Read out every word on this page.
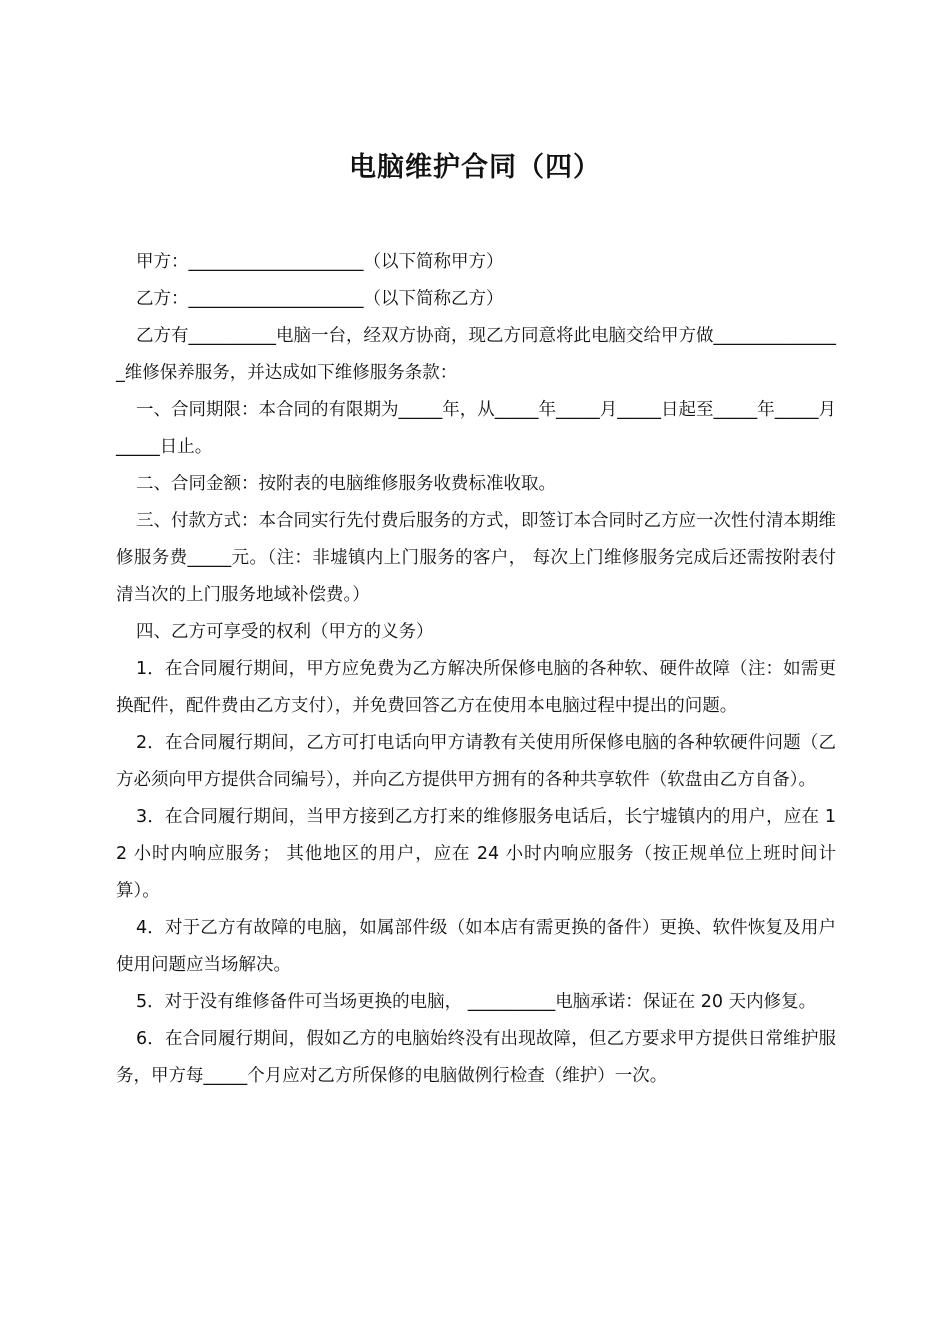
电脑维护合同（四）

甲方：____________________（以下简称甲方）

乙方：____________________（以下简称乙方）

乙方有__________电脑一台，经双方协商，现乙方同意将此电脑交给甲方做_______________维修保养服务，并达成如下维修服务条款：

一、合同期限：本合同的有限期为_____年，从_____年_____月_____日起至_____年_____月_____日止。

二、合同金额：按附表的电脑维修服务收费标准收取。

三、付款方式：本合同实行先付费后服务的方式，即签订本合同时乙方应一次性付清本期维修服务费_____元。（注：非墟镇内上门服务的客户， 每次上门维修服务完成后还需按附表付清当次的上门服务地域补偿费。）

四、乙方可享受的权利（甲方的义务）

1．在合同履行期间，甲方应免费为乙方解决所保修电脑的各种软、硬件故障（注：如需更换配件，配件费由乙方支付），并免费回答乙方在使用本电脑过程中提出的问题。

2．在合同履行期间，乙方可打电话向甲方请教有关使用所保修电脑的各种软硬件问题（乙方必须向甲方提供合同编号），并向乙方提供甲方拥有的各种共享软件（软盘由乙方自备）。

3．在合同履行期间，当甲方接到乙方打来的维修服务电话后，长宁墟镇内的用户，应在 12 小时内响应服务； 其他地区的用户，应在 24 小时内响应服务（按正规单位上班时间计算）。

4．对于乙方有故障的电脑，如属部件级（如本店有需更换的备件）更换、软件恢复及用户使用问题应当场解决。

5．对于没有维修备件可当场更换的电脑， __________电脑承诺：保证在 20 天内修复。

6．在合同履行期间，假如乙方的电脑始终没有出现故障，但乙方要求甲方提供日常维护服务，甲方每_____个月应对乙方所保修的电脑做例行检查（维护）一次。
